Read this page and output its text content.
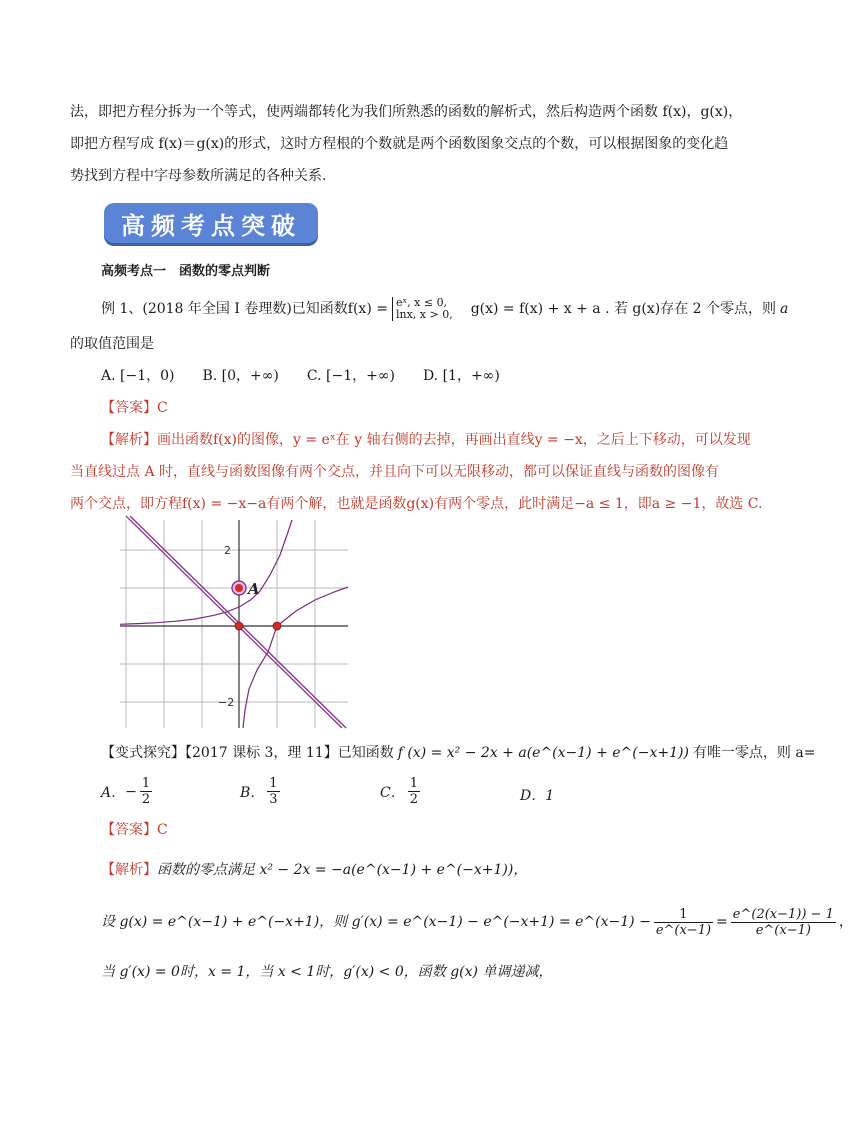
法，即把方程分拆为一个等式，使两端都转化为我们所熟悉的函数的解析式，然后构造两个函数 f(x)，g(x)，
即把方程写成 f(x)＝g(x)的形式，这时方程根的个数就是两个函数图象交点的个数，可以根据图象的变化趋
势找到方程中字母参数所满足的各种关系.
高频考点突破
高频考点一　函数的零点判断
例 1、(2018 年全国 I 卷理数)已知函数f(x) = eˣ, x ≤ 0,
lnx, x > 0, g(x) = f(x) + x + a . 若 g(x)存在 2 个零点，则 a
的取值范围是
A. [−1，0)　　B. [0，+∞)　　C. [−1，+∞)　　D. [1，+∞)
【答案】C
【解析】画出函数f(x)的图像，y = eˣ在 y 轴右侧的去掉，再画出直线y = −x，之后上下移动，可以发现
当直线过点 A 时，直线与函数图像有两个交点，并且向下可以无限移动，都可以保证直线与函数的图像有
两个交点，即方程f(x) = −x−a有两个解，也就是函数g(x)有两个零点，此时满足−a ≤ 1，即a ≥ −1，故选 C.
2
−2
A
【变式探究】【2017 课标 3，理 11】已知函数 f (x) = x² − 2x + a(e^(x−1) + e^(−x+1)) 有唯一零点，则 a=
A． − $\frac{1}{2}$	B． $\frac{1}{3}$	C． $\frac{1}{2}$	D．1
【答案】C
【解析】函数的零点满足 x² − 2x = −a(e^(x−1) + e^(−x+1))，
设 g(x) = e^(x−1) + e^(−x+1)，则 g′(x) = e^(x−1) − e^(−x+1) = e^(x−1) − $\frac{1}{e\^{}(x-1)} = \frac{e\^{}(2(x-1)) - 1}{e\^{}(x-1)}$ ，
当 g′(x) = 0时，x = 1，当 x < 1时，g′(x) < 0，函数 g(x) 单调递减，
